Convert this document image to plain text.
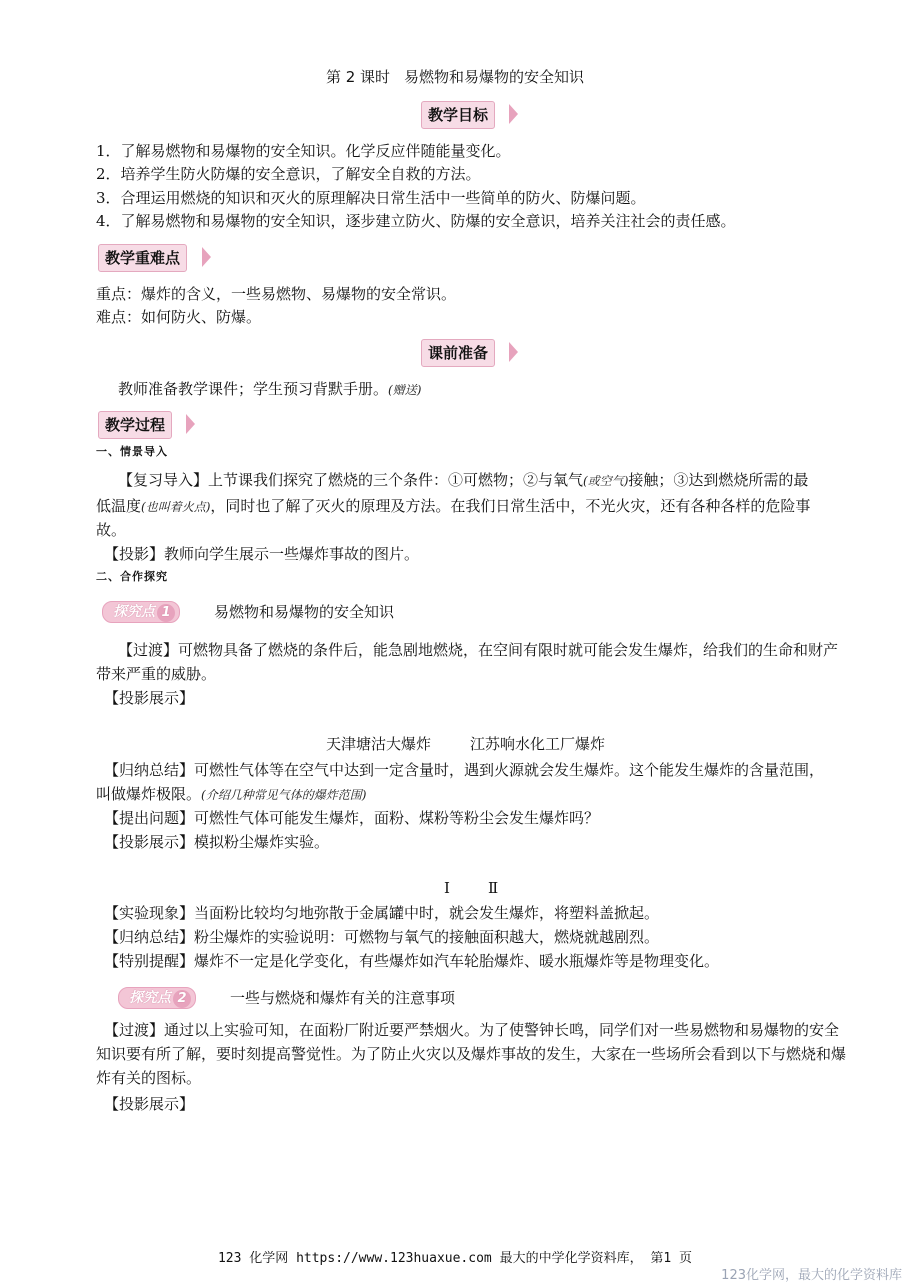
第 2 课时 易燃物和易爆物的安全知识
教学目标
1．了解易燃物和易爆物的安全知识。化学反应伴随能量变化。
2．培养学生防火防爆的安全意识，了解安全自救的方法。
3．合理运用燃烧的知识和灭火的原理解决日常生活中一些简单的防火、防爆问题。
4．了解易燃物和易爆物的安全知识，逐步建立防火、防爆的安全意识，培养关注社会的责任感。
教学重难点
重点：爆炸的含义，一些易燃物、易爆物的安全常识。
难点：如何防火、防爆。
课前准备
教师准备教学课件；学生预习背默手册。(赠送)
教学过程
一、情景导入
【复习导入】上节课我们探究了燃烧的三个条件：①可燃物；②与氧气(或空气)接触；③达到燃烧所需的最
低温度(也叫着火点)，同时也了解了灭火的原理及方法。在我们日常生活中，不光火灾，还有各种各样的危险事
故。
【投影】教师向学生展示一些爆炸事故的图片。
二、合作探究
探究点 1	易燃物和易爆物的安全知识
【过渡】可燃物具备了燃烧的条件后，能急剧地燃烧，在空间有限时就可能会发生爆炸，给我们的生命和财产带来严重的威胁。
【投影展示】
天津塘沽大爆炸	江苏响水化工厂爆炸
【归纳总结】可燃性气体等在空气中达到一定含量时，遇到火源就会发生爆炸。这个能发生爆炸的含量范围，
叫做爆炸极限。(介绍几种常见气体的爆炸范围)
【提出问题】可燃性气体可能发生爆炸，面粉、煤粉等粉尘会发生爆炸吗？
【投影展示】模拟粉尘爆炸实验。
Ⅰ	Ⅱ
【实验现象】当面粉比较均匀地弥散于金属罐中时，就会发生爆炸，将塑料盖掀起。
【归纳总结】粉尘爆炸的实验说明：可燃物与氧气的接触面积越大，燃烧就越剧烈。
【特别提醒】爆炸不一定是化学变化，有些爆炸如汽车轮胎爆炸、暖水瓶爆炸等是物理变化。
探究点 2	一些与燃烧和爆炸有关的注意事项
【过渡】通过以上实验可知，在面粉厂附近要严禁烟火。为了使警钟长鸣，同学们对一些易燃物和易爆物的安全知识要有所了解，要时刻提高警觉性。为了防止火灾以及爆炸事故的发生，大家在一些场所会看到以下与燃烧和爆炸有关的图标。
【投影展示】
123 化学网 https://www.123huaxue.com 最大的中学化学资料库， 第1 页
123化学网，最大的化学资料库
